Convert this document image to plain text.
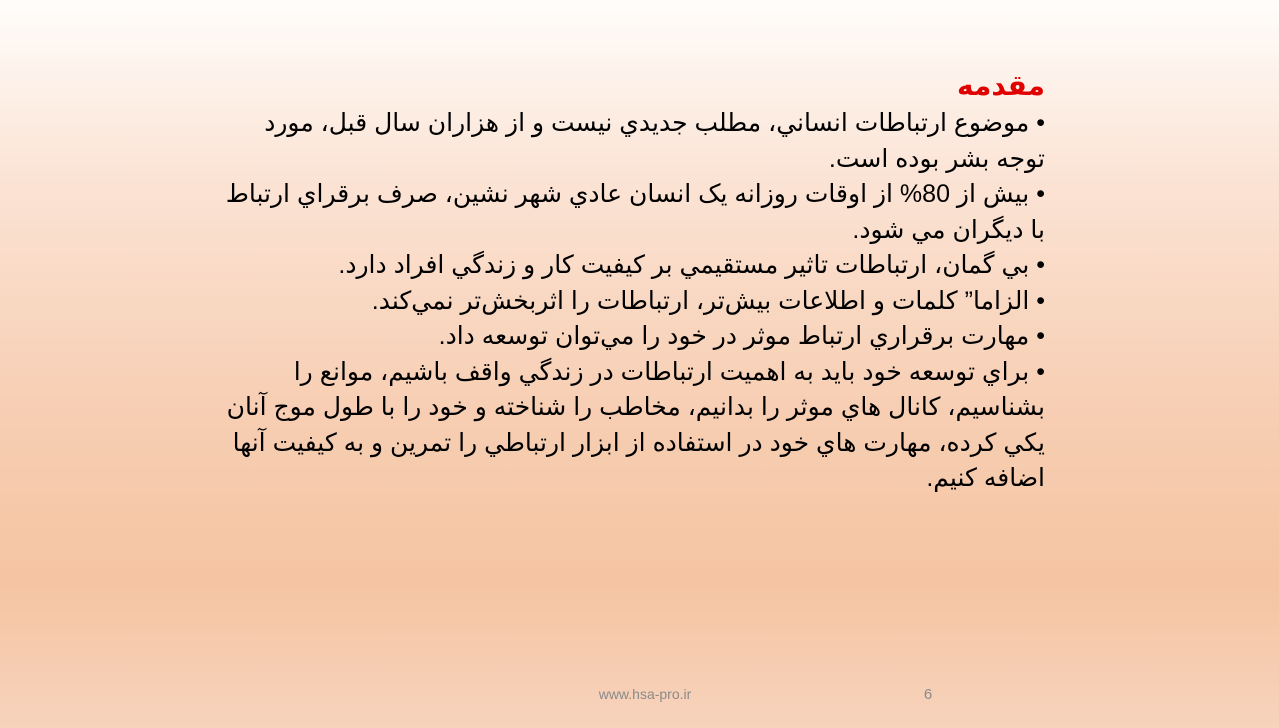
مقدمه
• موضوع ارتباطات انساني، مطلب جديدي نيست و از هزاران سال قبل، مورد توجه بشر بوده است.
• بيش از 80% از اوقات روزانه يک انسان عادي شهر نشين، صرف برقراي ارتباط با ديگران مي شود.
• بي گمان، ارتباطات تاثير مستقيمي بر كيفيت كار و زندگي افراد دارد.
• الزاما” كلمات و اطلاعات بيش‌تر، ارتباطات را اثربخش‌تر نمي‌كند.
• مهارت برقراري ارتباط موثر در خود را مي‌توان توسعه داد.
• براي توسعه خود بايد به اهميت ارتباطات در زندگي واقف باشيم، موانع را بشناسيم، كانال هاي موثر را بدانيم، مخاطب را شناخته و خود را با طول موج آنان يكي كرده، مهارت هاي خود در استفاده از ابزار ارتباطي را تمرين و به كيفيت آنها اضافه كنيم.
www.hsa-pro.ir	6
